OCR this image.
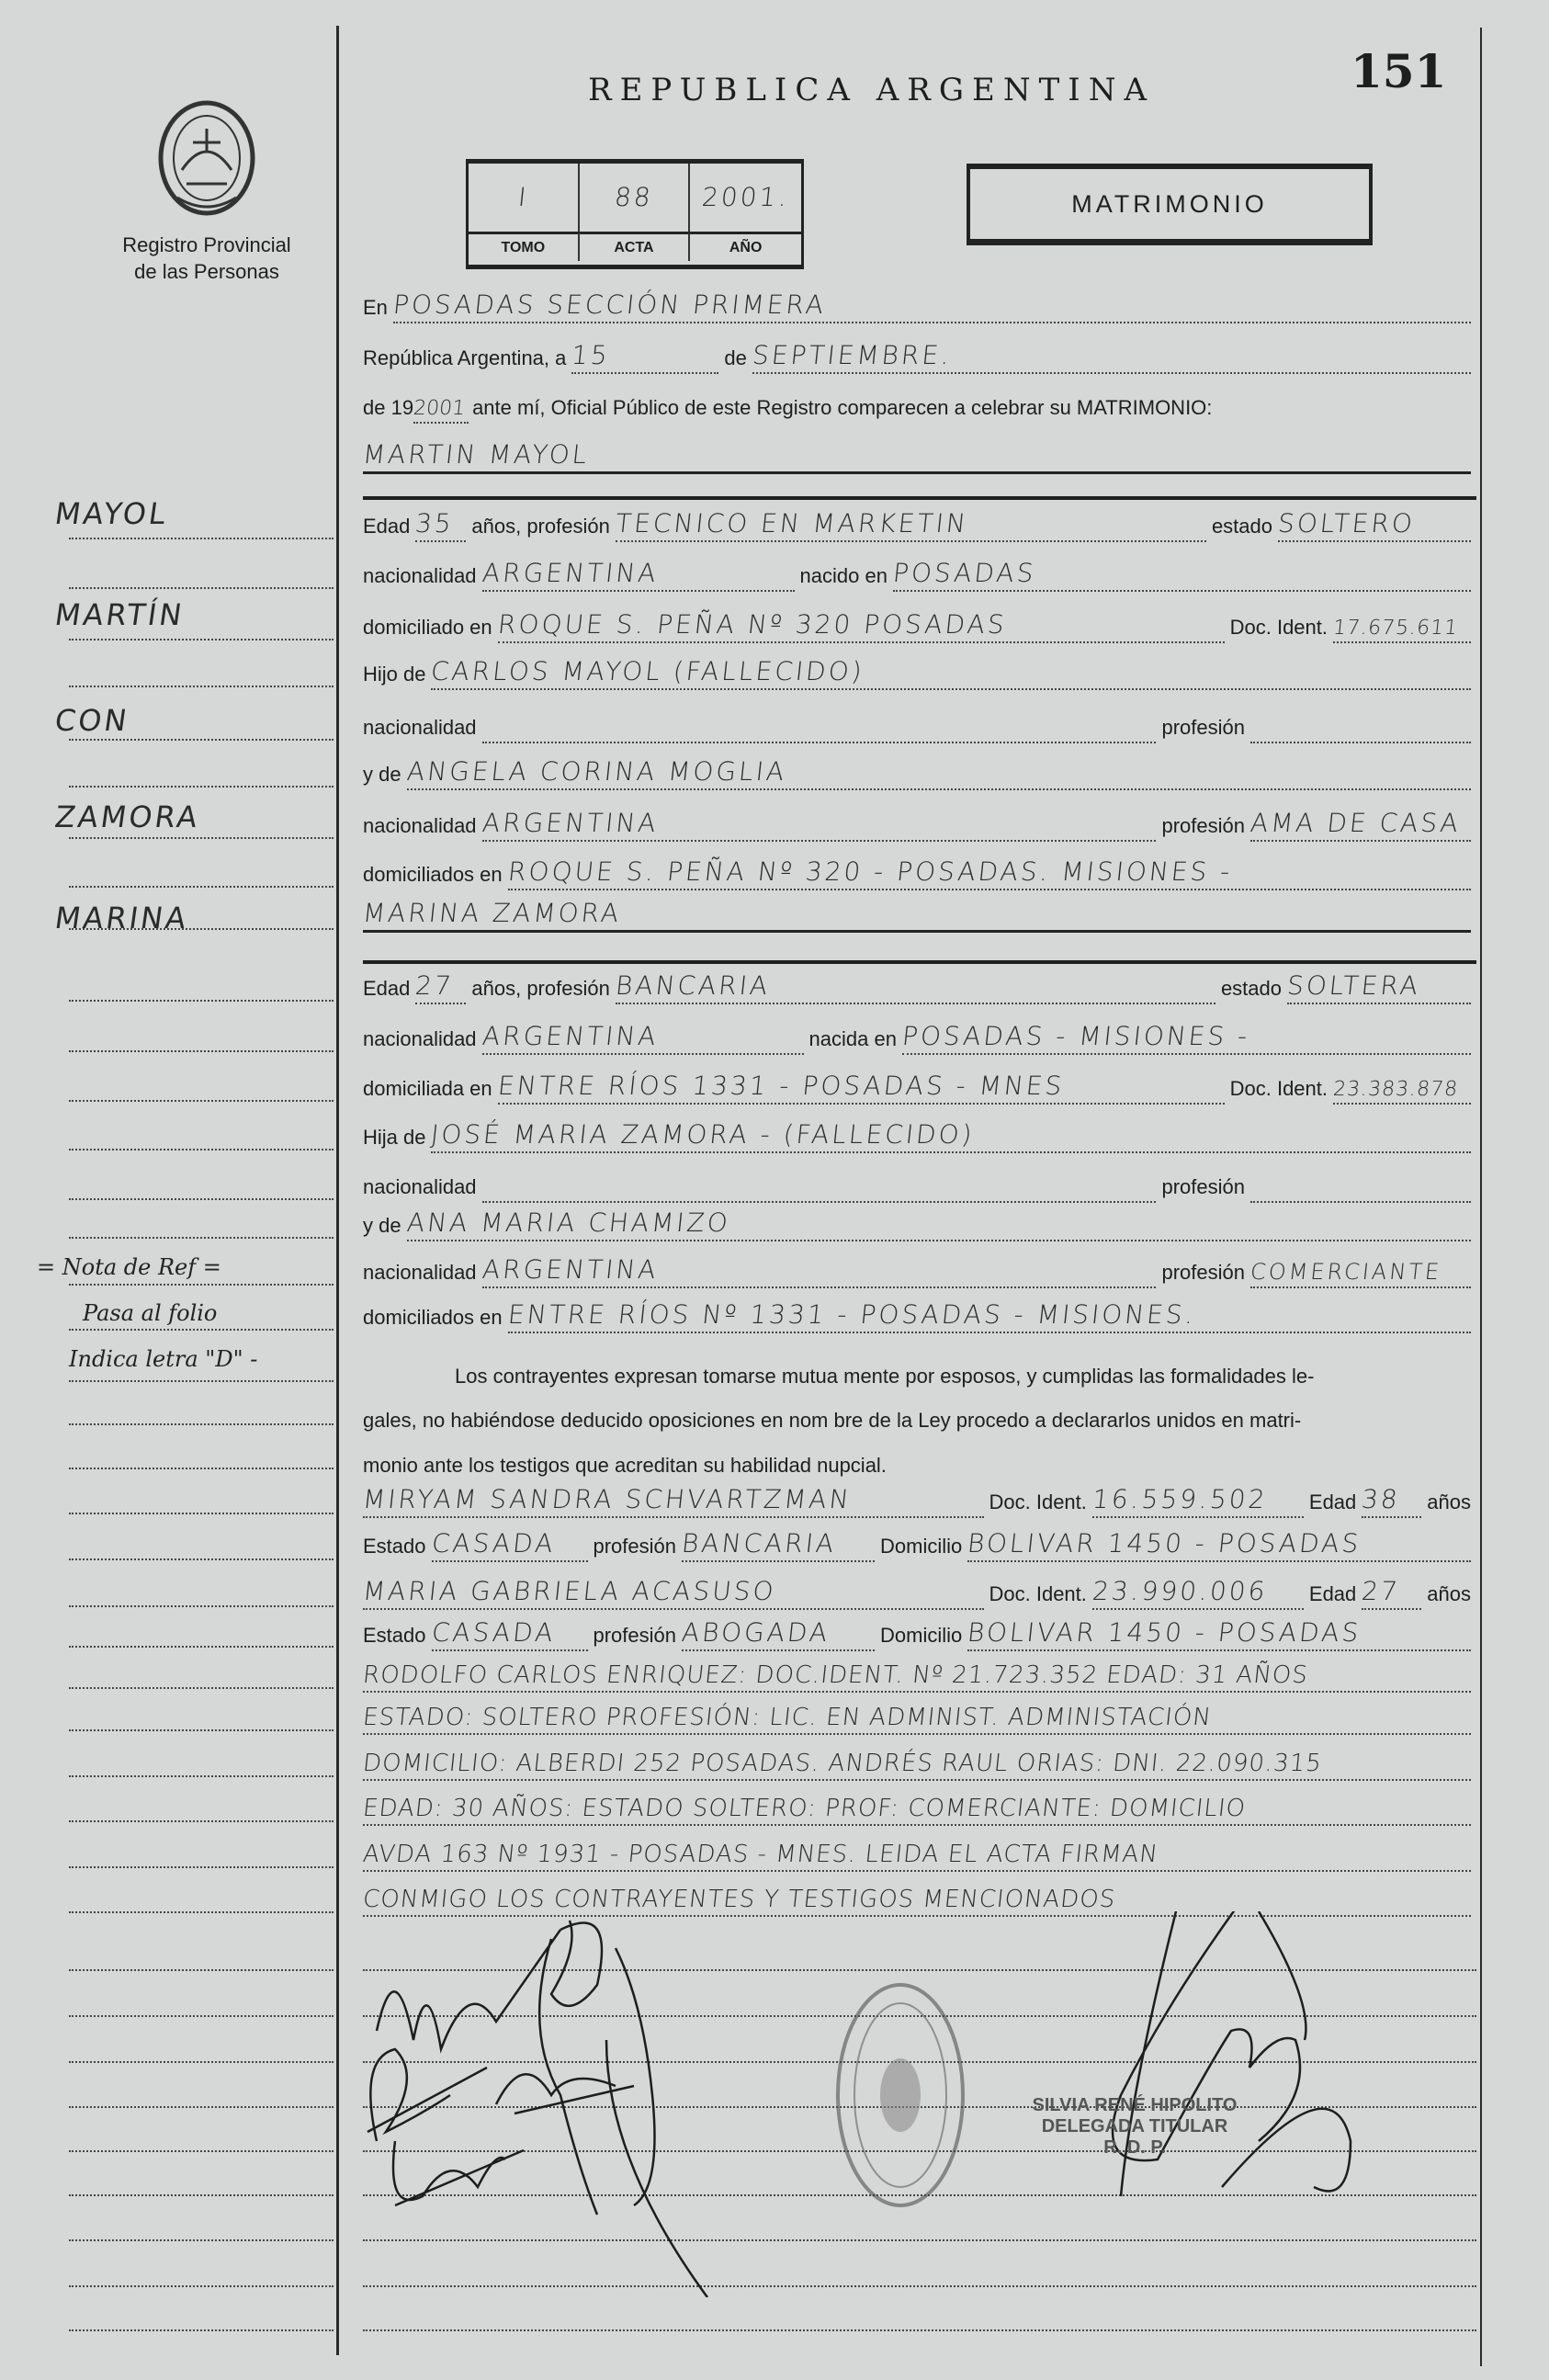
REPUBLICA ARGENTINA	151
Registro Provincial
de las Personas
I	88 2001.
TOMO	ACTA	AÑO
MATRIMONIO
En POSADAS SECCIÓN PRIMERA
República Argentina, a 15	de SEPTIEMBRE.
de 19
2001 ante mí, Oficial Público de este Registro comparecen a celebrar su MATRIMONIO:
MARTIN MAYOL
Edad 35 años, profesión TECNICO EN MARKETIN	estado SOLTERO
nacionalidad ARGENTINA	nacido en POSADAS
domiciliado en ROQUE S. PEÑA Nº 320 POSADAS	Doc. Ident. 17.675.611
Hijo de CARLOS MAYOL (FALLECIDO)
nacionalidad	profesión
y de ANGELA CORINA MOGLIA
nacionalidad ARGENTINA	profesión AMA DE CASA
domiciliados en ROQUE S. PEÑA Nº 320 - POSADAS. MISIONES -
MARINA ZAMORA
Edad 27 años, profesión BANCARIA	estado SOLTERA
nacionalidad ARGENTINA	nacida en POSADAS - MISIONES -
domiciliada en ENTRE RÍOS 1331 - POSADAS - MNES	Doc. Ident. 23.383.878
Hija de JOSÉ MARIA ZAMORA - (FALLECIDO)
nacionalidad	profesión
y de ANA MARIA CHAMIZO
nacionalidad ARGENTINA	profesión COMERCIANTE
domiciliados en ENTRE RÍOS Nº 1331 - POSADAS - MISIONES.
Los contrayentes expresan tomarse mutua mente por esposos, y cumplidas las formalidades le-
gales, no habiéndose deducido oposiciones en nom bre de la Ley procedo a declararlos unidos en matri-
monio ante los testigos que acreditan su habilidad nupcial.
MIRYAM SANDRA SCHVARTZMAN	Doc. Ident. 16.559.502 Edad 38 años
Estado CASADA profesión BANCARIA Domicilio BOLIVAR 1450 - POSADAS
MARIA GABRIELA ACASUSO	Doc. Ident. 23.990.006 Edad 27 años
Estado CASADA profesión ABOGADA Domicilio BOLIVAR 1450 - POSADAS
RODOLFO CARLOS ENRIQUEZ: DOC.IDENT. Nº 21.723.352 EDAD: 31 AÑOS
ESTADO: SOLTERO PROFESIÓN: LIC. EN ADMINIST. ADMINISTACIÓN
DOMICILIO: ALBERDI 252 POSADAS. ANDRÉS RAUL ORIAS: DNI. 22.090.315
EDAD: 30 AÑOS: ESTADO SOLTERO: PROF: COMERCIANTE: DOMICILIO
AVDA 163 Nº 1931 - POSADAS - MNES. LEIDA EL ACTA FIRMAN
CONMIGO LOS CONTRAYENTES Y TESTIGOS MENCIONADOS
MAYOL
MARTÍN
CON
ZAMORA
MARINA
= Nota de Ref =
Pasa al folio
Indica letra "D" -
SILVIA RENÉ HIPOLITO
DELEGADA TITULAR
R. D. P.
